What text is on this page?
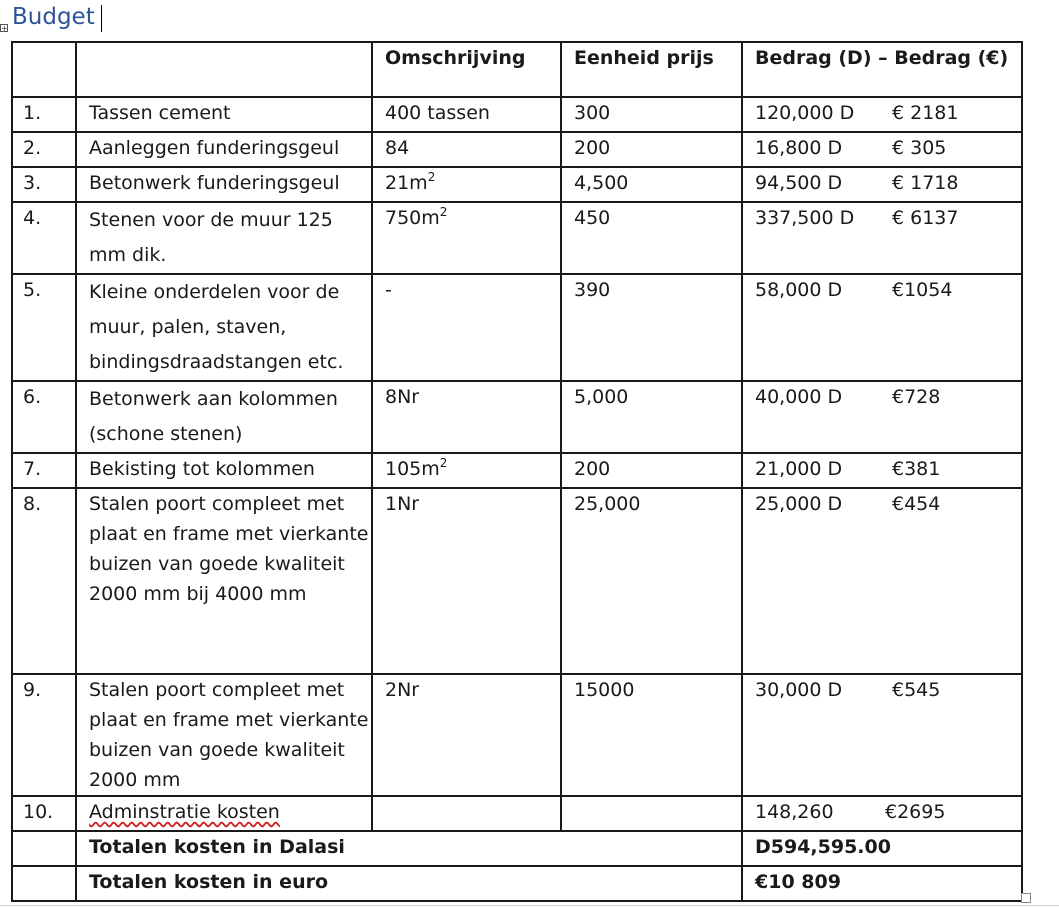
Budget
+
		Omschrijving	Eenheid prijs	Bedrag (D) – Bedrag (€)
1.	Tassen cement	400 tassen	300	120,000 D € 2181
2.	Aanleggen funderingsgeul	84	200	16,800 D € 305
3.	Betonwerk funderingsgeul	$21m^2$	4,500	94,500 D € 1718
4.	Stenen voor de muur 125 mm dik.	$750m^2$	450	337,500 D € 6137
5.	Kleine onderdelen voor de muur, palen, staven, bindingsdraadstangen etc.	-	390	58,000 D €1054
6.	Betonwerk aan kolommen (schone stenen)	8Nr	5,000	40,000 D €728
7.	Bekisting tot kolommen	$105m^2$	200	21,000 D €381
8.	Stalen poort compleet met plaat en frame met vierkante buizen van goede kwaliteit 2000 mm bij 4000 mm	1Nr	25,000	25,000 D €454
9.	Stalen poort compleet met plaat en frame met vierkante buizen van goede kwaliteit 2000 mm	2Nr	15000	30,000 D €545
10.	Adminstratie kosten			148,260 €2695
	Totalen kosten in Dalasi			D594,595.00
	Totalen kosten in euro			€10 809
